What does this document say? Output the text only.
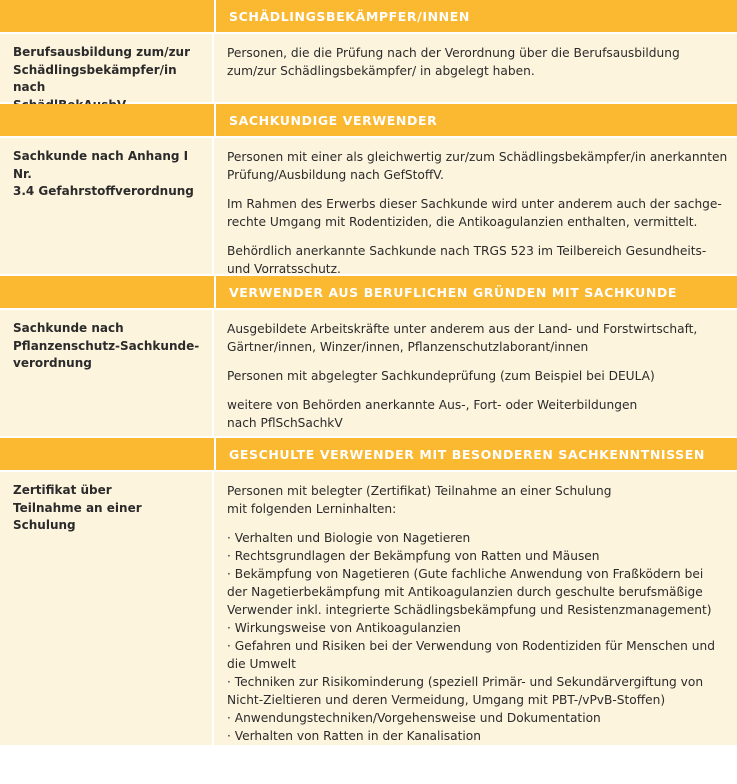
SCHÄDLINGSBEKÄMPFER/INNEN
Berufsausbildung zum/zur
Schädlingsbekämpfer/in nach

Personen, die die Prüfung nach der Verordnung über die Berufsausbildung
zum/zur Schädlingsbekämpfer/ in abgelegt haben.

SACHKUNDIGE VERWENDER
Sachkunde nach Anhang I Nr.
3.4 Gefahrstoffverordnung

Personen mit einer als gleichwertig zur/zum Schädlingsbekämpfer/in anerkannten
Prüfung/Ausbildung nach GefStoffV.

Im Rahmen des Erwerbs dieser Sachkunde wird unter anderem auch der sachge-
rechte Umgang mit Rodentiziden, die Antikoagulanzien enthalten, vermittelt.

Behördlich anerkannte Sachkunde nach TRGS 523 im Teilbereich Gesundheits-
und Vorratsschutz.

VERWENDER AUS BERUFLICHEN GRÜNDEN MIT SACHKUNDE
Sachkunde nach
Pflanzenschutz-Sachkunde-
verordnung

Ausgebildete Arbeitskräfte unter anderem aus der Land- und Forstwirtschaft,
Gärtner/innen, Winzer/innen, Pflanzenschutzlaborant/innen

Personen mit abgelegter Sachkundeprüfung (zum Beispiel bei DEULA)

weitere von Behörden anerkannte Aus-, Fort- oder Weiterbildungen
nach PflSchSachkV

GESCHULTE VERWENDER MIT BESONDEREN SACHKENNTNISSEN
Zertifikat über
Teilnahme an einer Schulung

Personen mit belegter (Zertifikat) Teilnahme an einer Schulung
mit folgenden Lerninhalten:

· Verhalten und Biologie von Nagetieren
· Rechtsgrundlagen der Bekämpfung von Ratten und Mäusen
· Bekämpfung von Nagetieren (Gute fachliche Anwendung von Fraßködern bei
der Nagetierbekämpfung mit Antikoagulanzien durch geschulte berufsmäßige
Verwender inkl. integrierte Schädlingsbekämpfung und Resistenzmanagement)
· Wirkungsweise von Antikoagulanzien
· Gefahren und Risiken bei der Verwendung von Rodentiziden für Menschen und
die Umwelt
· Techniken zur Risikominderung (speziell Primär- und Sekundärvergiftung von
Nicht-Zieltieren und deren Vermeidung, Umgang mit PBT-/vPvB-Stoffen)
· Anwendungstechniken/Vorgehensweise und Dokumentation
· Verhalten von Ratten in der Kanalisation
